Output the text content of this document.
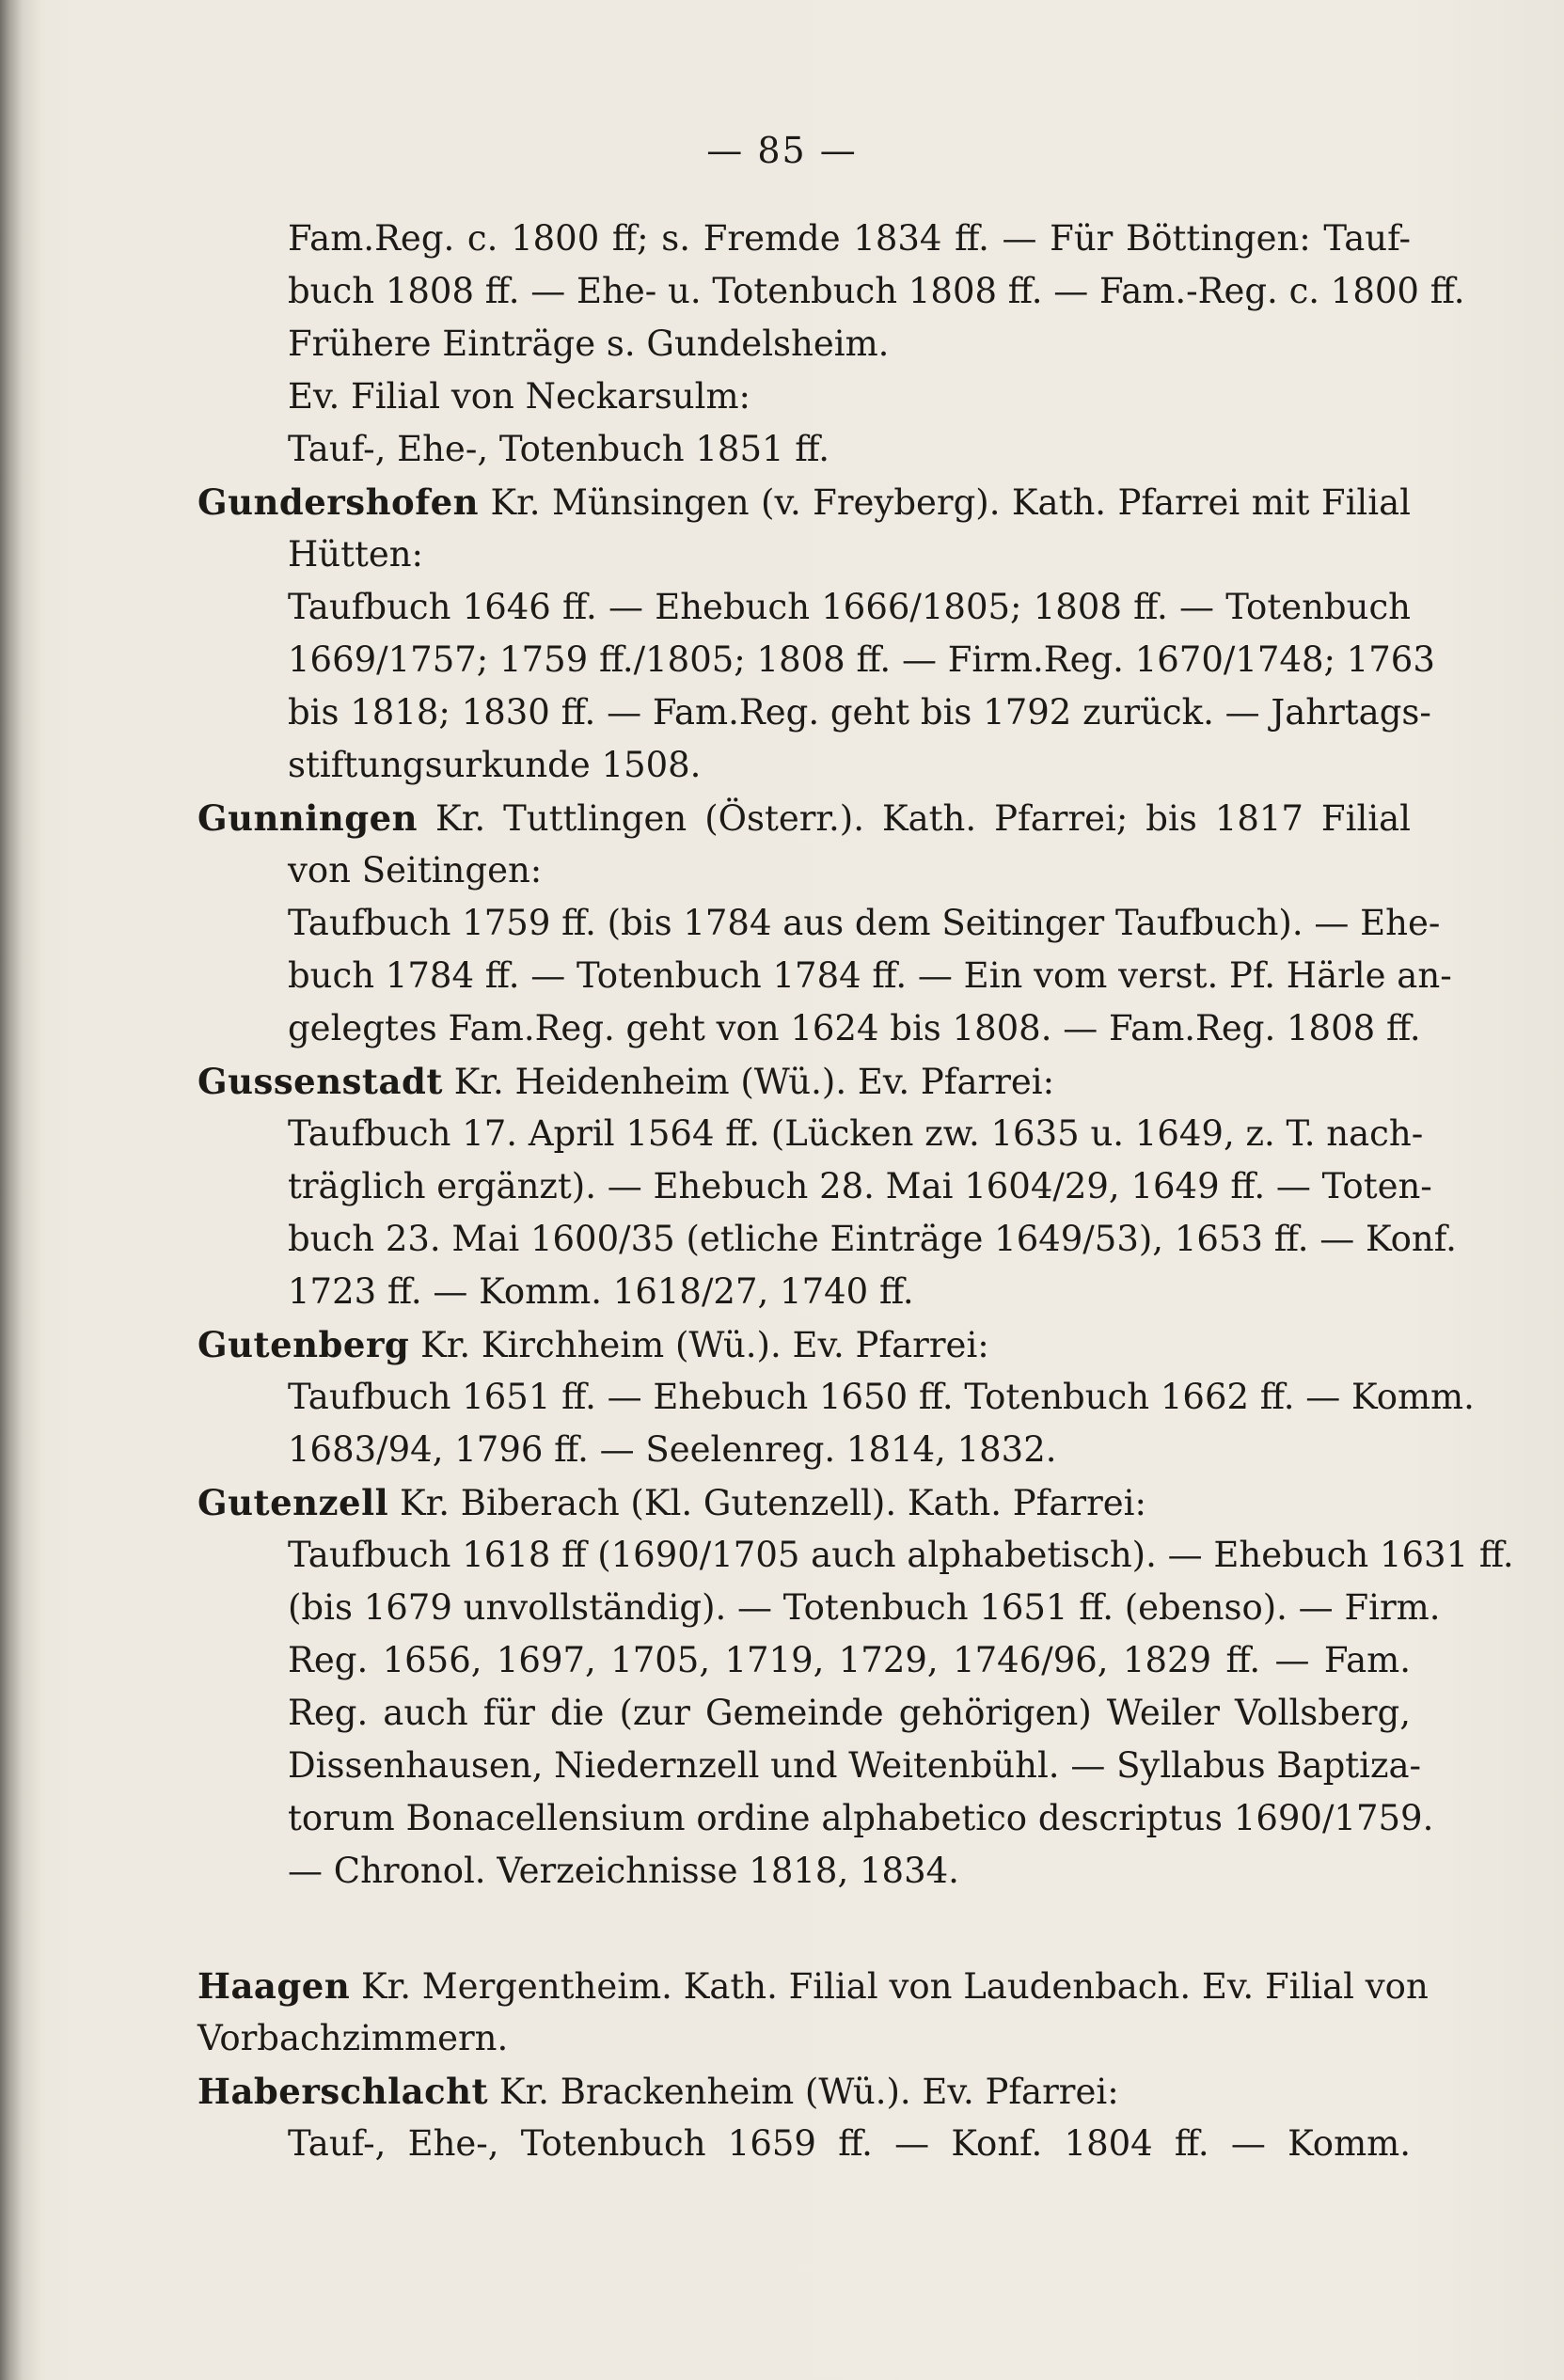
— 85 —
Fam.Reg. c. 1800 ff; s. Fremde 1834 ff. — Für Böttingen: Tauf-
buch 1808 ff. — Ehe- u. Totenbuch 1808 ff. — Fam.-Reg. c. 1800 ff.
Frühere Einträge s. Gundelsheim.
Ev. Filial von Neckarsulm:
Tauf-, Ehe-, Totenbuch 1851 ff.
Gundershofen Kr. Münsingen (v. Freyberg). Kath. Pfarrei mit Filial
Hütten:
Taufbuch 1646 ff. — Ehebuch 1666/1805; 1808 ff. — Totenbuch
1669/1757; 1759 ff./1805; 1808 ff. — Firm.Reg. 1670/1748; 1763
bis 1818; 1830 ff. — Fam.Reg. geht bis 1792 zurück. — Jahrtags-
stiftungsurkunde 1508.
Gunningen Kr. Tuttlingen (Österr.). Kath. Pfarrei; bis 1817 Filial
von Seitingen:
Taufbuch 1759 ff. (bis 1784 aus dem Seitinger Taufbuch). — Ehe-
buch 1784 ff. — Totenbuch 1784 ff. — Ein vom verst. Pf. Härle an-
gelegtes Fam.Reg. geht von 1624 bis 1808. — Fam.Reg. 1808 ff.
Gussenstadt Kr. Heidenheim (Wü.). Ev. Pfarrei:
Taufbuch 17. April 1564 ff. (Lücken zw. 1635 u. 1649, z. T. nach-
träglich ergänzt). — Ehebuch 28. Mai 1604/29, 1649 ff. — Toten-
buch 23. Mai 1600/35 (etliche Einträge 1649/53), 1653 ff. — Konf.
1723 ff. — Komm. 1618/27, 1740 ff.
Gutenberg Kr. Kirchheim (Wü.). Ev. Pfarrei:
Taufbuch 1651 ff. — Ehebuch 1650 ff. Totenbuch 1662 ff. — Komm.
1683/94, 1796 ff. — Seelenreg. 1814, 1832.
Gutenzell Kr. Biberach (Kl. Gutenzell). Kath. Pfarrei:
Taufbuch 1618 ff (1690/1705 auch alphabetisch). — Ehebuch 1631 ff.
(bis 1679 unvollständig). — Totenbuch 1651 ff. (ebenso). — Firm.
Reg. 1656, 1697, 1705, 1719, 1729, 1746/96, 1829 ff. — Fam.
Reg. auch für die (zur Gemeinde gehörigen) Weiler Vollsberg,
Dissenhausen, Niedernzell und Weitenbühl. — Syllabus Baptiza-
torum Bonacellensium ordine alphabetico descriptus 1690/1759.
— Chronol. Verzeichnisse 1818, 1834.
Haagen Kr. Mergentheim. Kath. Filial von Laudenbach. Ev. Filial von
Vorbachzimmern.
Haberschlacht Kr. Brackenheim (Wü.). Ev. Pfarrei:
Tauf-, Ehe-, Totenbuch 1659 ff. — Konf. 1804 ff. — Komm.
